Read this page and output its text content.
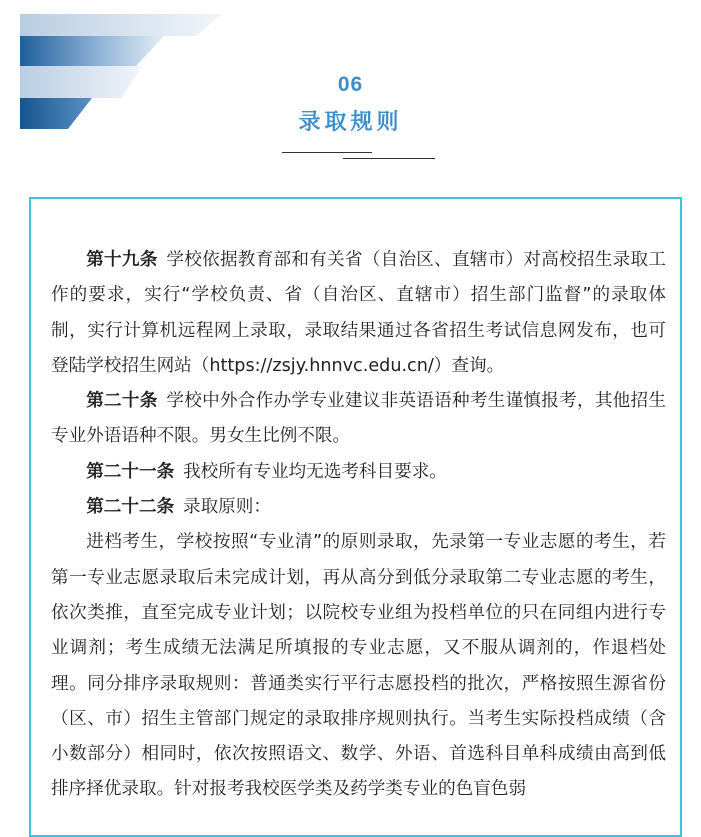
06
录取规则

第十九条 学校依据教育部和有关省（自治区、直辖市）对高校招生录取工作的要求，实行“学校负责、省（自治区、直辖市）招生部门监督”的录取体制，实行计算机远程网上录取，录取结果通过各省招生考试信息网发布，也可登陆学校招生网站（https://zsjy.hnnvc.edu.cn/）查询。

第二十条 学校中外合作办学专业建议非英语语种考生谨慎报考，其他招生专业外语语种不限。男女生比例不限。

第二十一条 我校所有专业均无选考科目要求。

第二十二条 录取原则：

进档考生，学校按照“专业清”的原则录取，先录第一专业志愿的考生，若第一专业志愿录取后未完成计划，再从高分到低分录取第二专业志愿的考生，依次类推，直至完成专业计划；以院校专业组为投档单位的只在同组内进行专业调剂；考生成绩无法满足所填报的专业志愿，又不服从调剂的，作退档处理。同分排序录取规则：普通类实行平行志愿投档的批次，严格按照生源省份（区、市）招生主管部门规定的录取排序规则执行。当考生实际投档成绩（含小数部分）相同时，依次按照语文、数学、外语、首选科目单科成绩由高到低排序择优录取。针对报考我校医学类及药学类专业的色盲色弱
